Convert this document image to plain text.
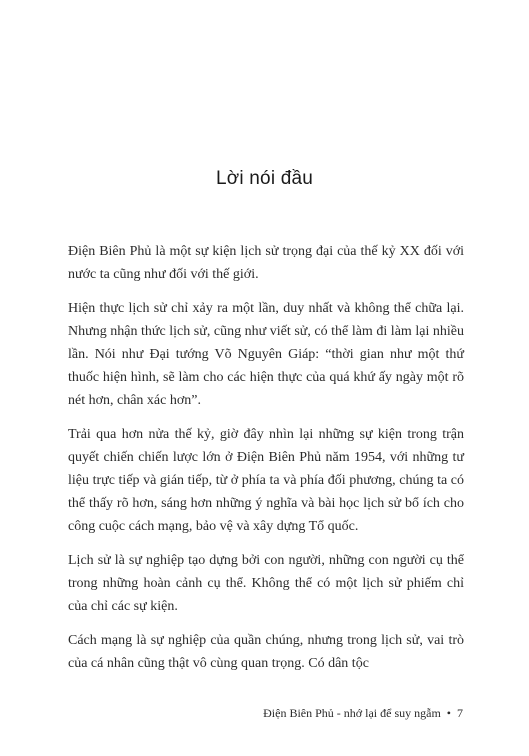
Lời nói đầu

Điện Biên Phủ là một sự kiện lịch sử trọng đại của thế kỷ XX đối với nước ta cũng như đối với thế giới.

Hiện thực lịch sử chỉ xảy ra một lần, duy nhất và không thể chữa lại. Nhưng nhận thức lịch sử, cũng như viết sử, có thể làm đi làm lại nhiều lần. Nói như Đại tướng Võ Nguyên Giáp: “thời gian như một thứ thuốc hiện hình, sẽ làm cho các hiện thực của quá khứ ấy ngày một rõ nét hơn, chân xác hơn”.

Trải qua hơn nửa thế kỷ, giờ đây nhìn lại những sự kiện trong trận quyết chiến chiến lược lớn ở Điện Biên Phủ năm 1954, với những tư liệu trực tiếp và gián tiếp, từ ở phía ta và phía đối phương, chúng ta có thể thấy rõ hơn, sáng hơn những ý nghĩa và bài học lịch sử bổ ích cho công cuộc cách mạng, bảo vệ và xây dựng Tổ quốc.

Lịch sử là sự nghiệp tạo dựng bởi con người, những con người cụ thể trong những hoàn cảnh cụ thể. Không thể có một lịch sử phiếm chỉ của chỉ các sự kiện.

Cách mạng là sự nghiệp của quần chúng, nhưng trong lịch sử, vai trò của cá nhân cũng thật vô cùng quan trọng. Có dân tộc

Điện Biên Phủ - nhớ lại để suy ngẫm • 7
